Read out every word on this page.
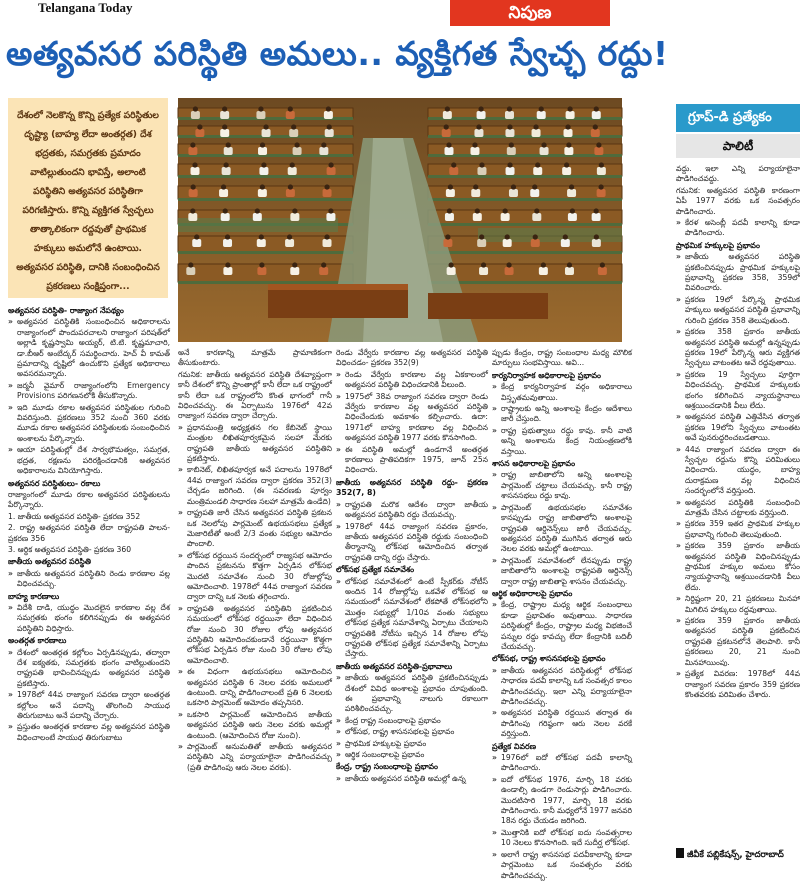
Telangana Today	నిపుణ
అత్యవసర పరిస్థితి అమలు.. వ్యక్తిగత స్వేచ్ఛ రద్దు!
దేశంలో నెలకొన్న కొన్ని ప్రత్యేక పరిస్థితుల దృష్ట్యా (బాహ్య లేదా అంతర్గత) దేశ భద్రతకు, సమగ్రతకు ప్రమాదం వాటిల్లుతుందని భావిస్తే, అలాంటి పరిస్థితిని అత్యవసర పరిస్థితిగా పరిగణిస్తారు. కొన్ని వ్యక్తిగత స్వేచ్ఛలు తాత్కాలికంగా రద్దవుతో ప్రాథమిక హక్కులు అమలోనే ఉంటాయి. అత్యవసర పరిస్థితి, దానికి సంబంధించిన ప్రకరణలు సంక్షిప్తంగా...

అత్యవసర పరిస్థితి- రాజ్యాంగ నేపథ్యం

» అత్యవసర పరిస్థితికి సంబంధించిన అధికారాలను రాజ్యాంగంలో పొందుపరచాలని రాజ్యాంగ పరిషత్‌లో అల్లాడి కృష్ణస్వామి అయ్యర్, టి.టి. కృష్ణమాచారి, డా.బీఆర్ అంబేద్కర్ సమర్థించారు. హెచ్ వీ కామత్ ప్రమాదాన్ని దృష్టిలో ఉంచుకొని ప్రత్యేక అధికారాలు అవసరమన్నారు.

» జర్మనీ వైమార్ రాజ్యాంగంలోని Emergency Provisions పరిగణనలోకి తీసుకొన్నారు.

» ఇది మూడు రకాల అత్యవసర పరిస్థితుల గురించి వివరిస్తుంది. ప్రకరణలు 352 నుంచి 360 వరకు మూడు రకాల అత్యవసర పరిస్థితులకు సంబంధించిన అంశాలను పేర్కొన్నారు.

» ఆయా పరిస్థితుల్లో దేశ సార్వభౌమత్వం, సమగ్రత, భద్రత, రక్షణను పరిరక్షించడానికి అత్యవసర అధికారాలను వినియోగిస్తారు.

అత్యవసర పరిస్థితులు- రకాలు

రాజ్యాంగంలో మూడు రకాల అత్యవసర పరిస్థితులను పేర్కొన్నారు.

1. జాతీయ అత్యవసర పరిస్థితి- ప్రకరణ 352

2. రాష్ట్ర అత్యవసర పరిస్థితి లేదా రాష్ట్రపతి పాలన- ప్రకరణ 356

3. ఆర్థిక అత్యవసర పరిస్థితి- ప్రకరణ 360

జాతీయ అత్యవసర పరిస్థితి

» జాతీయ అత్యవసర పరిస్థితిని రెండు కారణాల వల్ల విధించవచ్చు.

బాహ్య కారణాలు

» విదేశీ దాడి, యుద్ధం మొదలైన కారణాల వల్ల దేశ సమగ్రతకు భంగం కలిగినప్పుడు ఈ అత్యవసర పరిస్థితిని విధిస్తారు.

అంతర్గత కారణాలు

» దేశంలో అంతర్గత కల్లోలం ఏర్పడినప్పుడు, తద్వారా దేశ ఐక్యతకు, సమగ్రతకు భంగం వాటిల్లుతుందని రాష్ట్రపతి భావించినప్పుడు అత్యవసర పరిస్థితి ప్రకటిస్తారు.

» 1978లో 44వ రాజ్యాంగ సవరణ ద్వారా అంతర్గత కల్లోలం అనే పదాన్ని తొలగించి సాయుధ తిరుగుబాటు అనే పదాన్ని చేర్చారు.

» ప్రస్తుతం అంతర్గత కారణాల వల్ల అత్యవసర పరిస్థితి విధించాలంటే సాయుధ తిరుగుబాటు

అనే కారణాన్ని మాత్రమే ప్రామాణికంగా తీసుకుంటారు.

గమనిక: జాతీయ అత్యవసర పరిస్థితి దేశవ్యాప్తంగా కానీ దేశంలో కొన్ని ప్రాంతాల్లో కానీ లేదా ఒక రాష్ట్రంలో కానీ లేదా ఒక రాష్ట్రంలోని కొంత భాగంలో గానీ విధించవచ్చు. ఈ ఏర్పాటును 1976లో 42వ రాజ్యాంగ సవరణ ద్వారా చేర్చారు.

» ప్రధానమంత్రి అధ్యక్షతన గల కేబినెట్ స్థాయి మంత్రుల లిఖితపూర్వకమైన సలహా మేరకు రాష్ట్రపతి జాతీయ అత్యవసర పరిస్థితిని ప్రకటిస్తారు.

» కాబినెట్, లిఖితపూర్వక అనే పదాలను 1978లో 44వ రాజ్యాంగ సవరణ ద్వారా ప్రకరణ 352(3) చేర్చడం జరిగింది. (ఈ సవరణకు పూర్వం మంత్రిమండలి సాధారణ సలహా మాత్రమే ఉండేది)

» రాష్ట్రపతి జారీ చేసిన అత్యవసర పరిస్థితి ప్రకటన ఒక నెలలోపు పార్లమెంట్ ఉభయసభలు ప్రత్యేక మెజారిటీతో అంటే 2/3 వంతు సభ్యుల ఆమోదం పొందాలి.

» లోక్‌సభ రద్దయిన సందర్భంలో రాజ్యసభ ఆమోదం పొందిన ప్రకటనను కొత్తగా ఏర్పడిన లోక్‌సభ మొదటి సమావేశం నుంచి 30 రోజుల్లోపు ఆమోదించాలి. 1978లో 44వ రాజ్యాంగ సవరణ ద్వారా దాన్ని ఒక నెలకు తగ్గించారు.

» రాష్ట్రపతి అత్యవసర పరిస్థితిని ప్రకటించిన సమయంలో లోక్‌సభ రద్దయినా లేదా విధించిన రోజు నుంచి 30 రోజుల లోపు అత్యవసర పరిస్థితిని ఆమోదించకుండానే రద్దయినా కొత్తగా లోక్‌సభ ఏర్పడిన రోజు నుంచి 30 రోజుల లోపు ఆమోదించాలి.

» ఈ విధంగా ఉభయసభలు ఆమోదించిన అత్యవసర పరిస్థితి 6 నెలల వరకు అమలులో ఉంటుంది. దాన్ని పొడిగించాలంటే ప్రతి 6 నెలలకు ఒకసారి పార్లమెంట్ ఆమోదం తప్పనిసరి.

» ఒకసారి పార్లమెంట్ ఆమోదించిన జాతీయ అత్యవసర పరిస్థితి ఆరు నెలల వరకు అమల్లో ఉంటుంది. (ఆమోదించిన రోజు నుంచి).

» పార్లమెంట్ అనుమతితో జాతీయ అత్యవసర పరిస్థితిని ఎన్ని పర్యాయాలైనా పొడిగించవచ్చు (ప్రతి పొడిగింపు ఆరు నెలల వరకు).

రెండు వేర్వేరు కారణాల వల్ల అత్యవసర పరిస్థితి విధించడం- ప్రకరణ 352(9)

» రెండు వేర్వేరు కారణాల వల్ల ఏకకాలంలో అత్యవసర పరిస్థితి విధించడానికి వీలుంది.

» 1975లో 38వ రాజ్యాంగ సవరణ ద్వారా రెండు వేర్వేరు కారణాల వల్ల అత్యవసర పరిస్థితి విధించేందుకు అవకాశం కల్పించారు. ఉదా: 1971లో బాహ్య కారణాల వల్ల విధించిన అత్యవసర పరిస్థితి 1977 వరకు కొనసాగింది.

» ఈ పరిస్థితి అమల్లో ఉండగానే అంతర్గత కారణాలు ప్రాతిపదికగా 1975, జూన్ 25న విధించారు.

జాతీయ అత్యవసర పరిస్థితి రద్దు- ప్రకరణ 352(7, 8)

» రాష్ట్రపతి మరొక ఆదేశం ద్వారా జాతీయ అత్యవసర పరిస్థితిని రద్దు చేయవచ్చు.

» 1978లో 44వ రాజ్యాంగ సవరణ ప్రకారం, జాతీయ అత్యవసర పరిస్థితి రద్దుకు సంబంధించి తీర్మానాన్ని లోక్‌సభ ఆమోదించిన తర్వాత రాష్ట్రపతి దాన్ని రద్దు చేస్తారు.

లోక్‌సభ ప్రత్యేక సమావేశం

» లోక్‌సభ సమావేశంలో ఉంటే స్పీకర్‌కు నోటీస్ అందిన 14 రోజుల్లోపు ఒకవేళ లోక్‌సభ ఆ సమయంలో సమావేశంలో లేకపోతే లోక్‌సభలోని మొత్తం సభ్యుల్లో 1/10వ వంతు సభ్యులు లోక్‌సభ ప్రత్యేక సమావేశాన్ని ఏర్పాటు చేయాలని రాష్ట్రపతికి నోటీసు ఇచ్చిన 14 రోజుల లోపు రాష్ట్రపతి లోక్‌సభ ప్రత్యేక సమావేశాన్ని ఏర్పాటు చేస్తారు.

జాతీయ అత్యవసర పరిస్థితి-ప్రభావాలు

» జాతీయ అత్యవసర పరిస్థితి ప్రకటించినప్పుడు దేశంలో వివిధ అంశాలపై ప్రభావం చూపుతుంది. ఈ ప్రభావాన్ని నాలుగు రకాలుగా పరిశీలించవచ్చు.

» కేంద్ర రాష్ట్ర సంబంధాలపై ప్రభావం

» లోక్‌సభ, రాష్ట్ర శాసనసభలపై ప్రభావం

» ప్రాథమిక హక్కులపై ప్రభావం

» ఆర్థిక సంబంధాలపై ప్రభావం

కేంద్ర, రాష్ట్ర సంబంధాలపై ప్రభావం

» జాతీయ అత్యవసర పరిస్థితి అమల్లో ఉన్న

ప్పుడు కేంద్రం, రాష్ట్ర సంబంధాల మధ్య మౌలిక మార్పులు సంభవిస్తాయి. అవి...

కార్యనిర్వాహక అధికారాలపై ప్రభావం

» కేంద్ర కార్యనిర్వాహక వర్గం అధికారాలు విస్తృతమవుతాయి.

» రాష్ట్రాలకు అన్ని అంశాలపై కేంద్రం ఆదేశాలు జారీ చేస్తుంది.

» రాష్ట్ర ప్రభుత్వాలు రద్దు కావు. కానీ వాటి అన్ని అంశాలను కేంద్ర నియంత్రణలోకి వస్తాయి.

శాసన అధికారాలపై ప్రభావం

» రాష్ట్ర జాబితాలోని అన్ని అంశాలపై పార్లమెంట్ చట్టాలు చేయవచ్చు. కానీ రాష్ట్ర శాసనసభలు రద్దు కావు.

» పార్లమెంట్ ఉభయసభల సమావేశం కానప్పుడు రాష్ట్ర జాబితాలోని అంశాలపై రాష్ట్రపతి ఆర్డినెన్స్‌లు జారీ చేయవచ్చు. అత్యవసర పరిస్థితి ముగిసిన తర్వాత ఆరు నెలల వరకు అమల్లో ఉంటాయి.

» పార్లమెంట్ సమావేశంలో లేనప్పుడు రాష్ట్ర జాబితాలోని అంశాలపై రాష్ట్రపతి ఆర్డినెన్స్ ద్వారా రాష్ట్ర జాబితాపై శాసనం చేయవచ్చు.

ఆర్థిక అధికారాలపై ప్రభావం

» కేంద్ర, రాష్ట్రాల మధ్య ఆర్థిక సంబంధాలు కూడా ప్రభావితం అవుతాయి. సాధారణ పరిస్థితుల్లో కేంద్రం, రాష్ట్రాల మధ్య విభజించే పన్నుల రద్దు కావచ్చు లేదా కేంద్రానికి బదిలీ చేయవచ్చు.

లోక్‌సభ, రాష్ట్ర శాసనసభలపై ప్రభావం

» జాతీయ అత్యవసర పరిస్థితుల్లో లోక్‌సభ సాధారణ పదవీ కాలాన్ని ఒక సంవత్సర కాలం పొడిగించవచ్చు. ఇలా ఎన్ని పర్యాయాలైనా పొడిగించవచ్చు.

» అత్యవసర పరిస్థితి రద్దయిన తర్వాత ఈ పొడిగింపు గరిష్ఠంగా ఆరు నెలల వరకే వర్తిస్తుంది.

ప్రత్యేక వివరణ

» 1976లో ఐదో లోక్‌సభ పదవీ కాలాన్ని పొడిగించారు.

» ఐదో లోక్‌సభ 1976, మార్చి 18 వరకు ఉండాల్సి ఉండగా రెండుసార్లు పొడిగించారు. మొదటిసారి 1977, మార్చి 18 వరకు పొడిగించారు. కానీ మధ్యలోనే 1977 జనవరి 18న రద్దు చేయడం జరిగింది.

» మొత్తానికి ఐదో లోక్‌సభ ఐదు సంవత్సరాల 10 నెలలు కొనసాగింది. ఇదే సుదీర్ఘ లోక్‌సభ.

» అలాగే రాష్ట్ర శాసనసభ పదవీకాలాన్ని కూడా పార్లమెంటు ఒక సంవత్సరం వరకు పొడిగించవచ్చు.

గ్రూప్-డి ప్రత్యేకం
పాలిటీ

వద్దు. ఇలా ఎన్ని పర్యాయాలైనా పొడిగించవద్దు.

గమనిక: అత్యవసర పరిస్థితి కారణంగా ఏపీ 1977 వరకు ఒక సంవత్సరం పొడిగించారు.

» కేరళ అసెంబ్లీ పదవీ కాలాన్ని కూడా పొడిగించారు.

ప్రాథమిక హక్కులపై ప్రభావం

» జాతీయ అత్యవసర పరిస్థితి ప్రకటించినప్పుడు ప్రాథమిక హక్కులపై ప్రభావాన్ని ప్రకరణ 358, 359లో వివరించారు.

» ప్రకరణ 19లో పేర్కొన్న ప్రాథమిక హక్కులు అత్యవసర పరిస్థితి ప్రభావాన్ని గురించి ప్రకరణ 358 తెలుపుతుంది.

» ప్రకరణ 358 ప్రకారం జాతీయ అత్యవసర పరిస్థితి అమల్లో ఉన్నప్పుడు ప్రకరణ 19లో పేర్కొన్న ఆరు వ్యక్తిగత స్వేచ్ఛలు వాటంతట అవే రద్దవుతాయి.

» ప్రకరణ 19 స్వేచ్ఛలు పూర్తిగా విధించవచ్చు. ప్రాథమిక హక్కులకు భంగం కలిగించిన న్యాయస్థానాలు ఆశ్రయించడానికి వీలు లేదు.

» అత్యవసర పరిస్థితి ఎత్తివేసిన తర్వాత ప్రకరణ 19లోని స్వేచ్ఛలు వాటంతట అవే పునరుద్ధరించబడతాయి.

» 44వ రాజ్యాంగ సవరణ ద్వారా ఈ స్వేచ్ఛల రద్దును కొన్ని పరిమితులు విధించారు. యుద్ధం, బాహ్య దురాక్రమణ వల్ల విధించిన సందర్భంలోనే వర్తిస్తుంది.

» అత్యవసర పరిస్థితికి సంబంధించి మాత్రమే చేసిన చట్టాలకు వర్తిస్తుంది.

» ప్రకరణ 359 ఇతర ప్రాథమిక హక్కుల ప్రభావాన్ని గురించి తెలుపుతుంది.

» ప్రకరణ 359 ప్రకారం జాతీయ అత్యవసర పరిస్థితి విధించినప్పుడు ప్రాథమిక హక్కుల అమలు కోసం న్యాయస్థానాన్ని ఆశ్రయించడానికి వీలు లేదు.

» నిర్దిష్టంగా 20, 21 ప్రకరణలు మినహా మిగిలిన హక్కులు రద్దవుతాయి.

» ప్రకరణ 359 ప్రకారం జాతీయ అత్యవసర పరిస్థితి ప్రకటించిన రాష్ట్రపతి ప్రకటనలోనే తెలపాలి. కానీ ప్రకరణలు 20, 21 నుంచి మినహాయింపు.

» ప్రత్యేక వివరణ: 1978లో 44వ రాజ్యాంగ సవరణ ప్రకారం 359 ప్రకరణ కొంతవరకు పరిమితం చేశారు.

జీవీకే పబ్లికేషన్స్, హైదరాబాద్
